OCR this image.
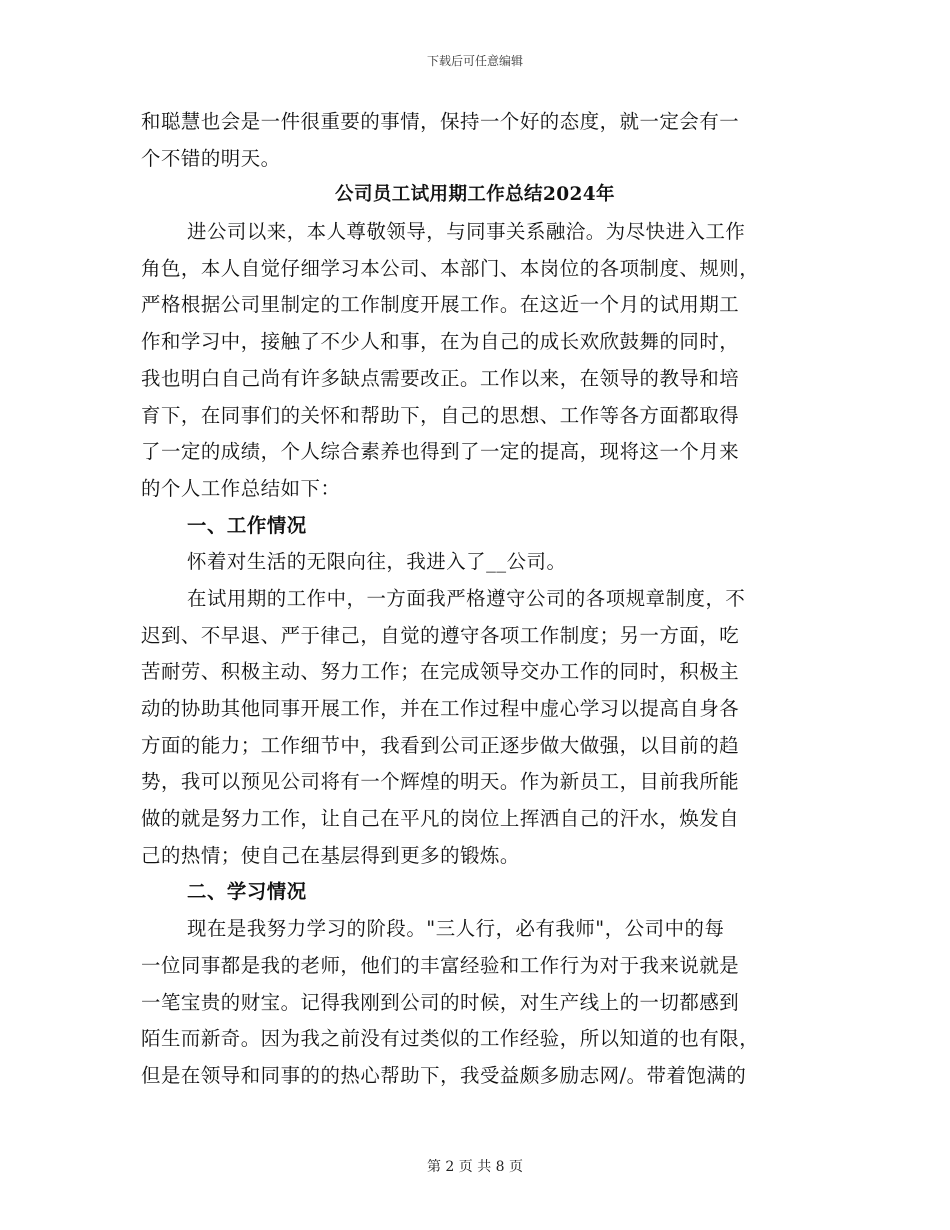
下载后可任意编辑
和聪慧也会是一件很重要的事情，保持一个好的态度，就一定会有一
个不错的明天。
公司员工试用期工作总结2024年
进公司以来，本人尊敬领导，与同事关系融洽。为尽快进入工作
角色，本人自觉仔细学习本公司、本部门、本岗位的各项制度、规则，
严格根据公司里制定的工作制度开展工作。在这近一个月的试用期工
作和学习中，接触了不少人和事，在为自己的成长欢欣鼓舞的同时，
我也明白自己尚有许多缺点需要改正。工作以来，在领导的教导和培
育下，在同事们的关怀和帮助下，自己的思想、工作等各方面都取得
了一定的成绩，个人综合素养也得到了一定的提高，现将这一个月来
的个人工作总结如下：
一、工作情况
怀着对生活的无限向往，我进入了__公司。
在试用期的工作中，一方面我严格遵守公司的各项规章制度，不
迟到、不早退、严于律己，自觉的遵守各项工作制度；另一方面，吃
苦耐劳、积极主动、努力工作；在完成领导交办工作的同时，积极主
动的协助其他同事开展工作，并在工作过程中虚心学习以提高自身各
方面的能力；工作细节中，我看到公司正逐步做大做强，以目前的趋
势，我可以预见公司将有一个辉煌的明天。作为新员工，目前我所能
做的就是努力工作，让自己在平凡的岗位上挥洒自己的汗水，焕发自
己的热情；使自己在基层得到更多的锻炼。
二、学习情况
现在是我努力学习的阶段。"三人行，必有我师"，公司中的每
一位同事都是我的老师，他们的丰富经验和工作行为对于我来说就是
一笔宝贵的财宝。记得我刚到公司的时候，对生产线上的一切都感到
陌生而新奇。因为我之前没有过类似的工作经验，所以知道的也有限，
但是在领导和同事的的热心帮助下，我受益颇多励志网/。带着饱满的
第 2 页 共 8 页
